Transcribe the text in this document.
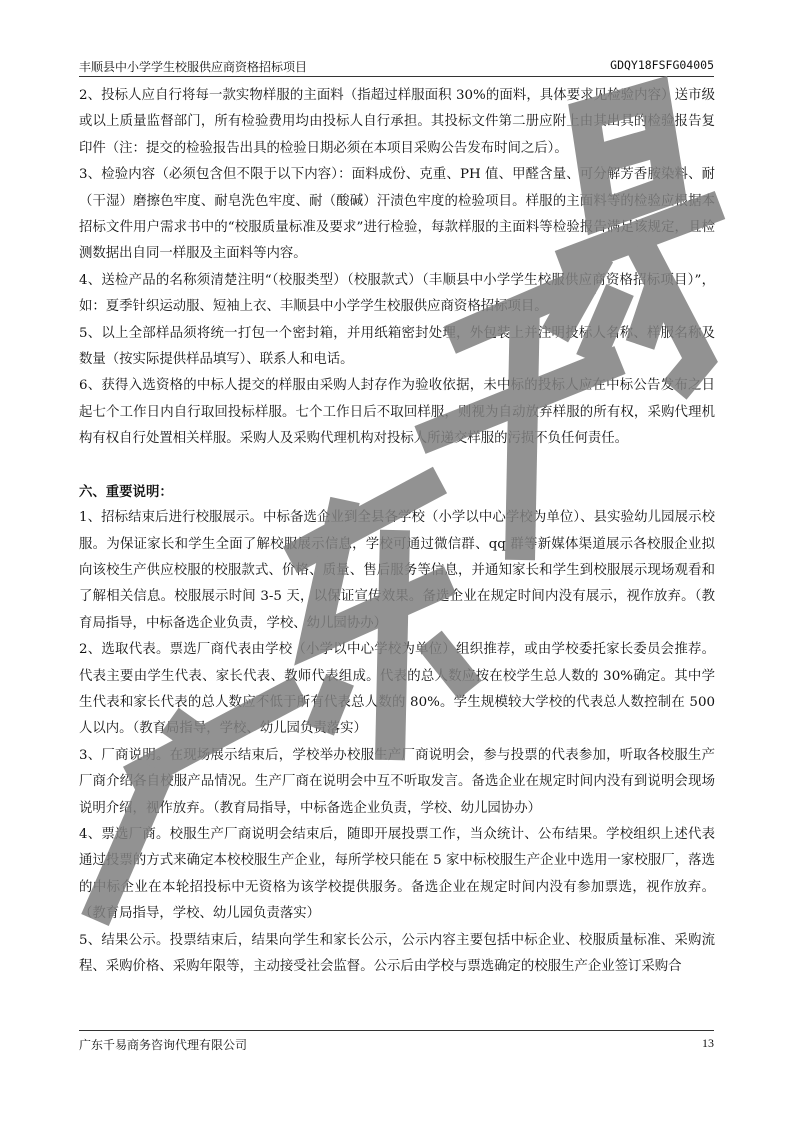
丰顺县中小学学生校服供应商资格招标项目	GDQY18FSFG04005

2、投标人应自行将每一款实物样服的主面料（指超过样服面积 30%的面料，具体要求见检验内容）送市级或以上质量监督部门，所有检验费用均由投标人自行承担。其投标文件第二册应附上由其出具的检验报告复印件（注：提交的检验报告出具的检验日期必须在本项目采购公告发布时间之后）。

3、检验内容（必须包含但不限于以下内容）：面料成份、克重、PH 值、甲醛含量、可分解芳香胺染料、耐（干湿）磨擦色牢度、耐皂洗色牢度、耐（酸碱）汗渍色牢度的检验项目。样服的主面料等的检验应根据本招标文件用户需求书中的“校服质量标准及要求”进行检验，每款样服的主面料等检验报告满足该规定，且检测数据出自同一样服及主面料等内容。

4、送检产品的名称须清楚注明“（校服类型）（校服款式）（丰顺县中小学学生校服供应商资格招标项目）”，如：夏季针织运动服、短袖上衣、丰顺县中小学学生校服供应商资格招标项目。

5、以上全部样品须将统一打包一个密封箱，并用纸箱密封处理，外包装上并注明投标人名称、样服名称及数量（按实际提供样品填写）、联系人和电话。

6、获得入选资格的中标人提交的样服由采购人封存作为验收依据，未中标的投标人应在中标公告发布之日起七个工作日内自行取回投标样服。七个工作日后不取回样服，则视为自动放弃样服的所有权，采购代理机构有权自行处置相关样服。采购人及采购代理机构对投标人所递交样服的污损不负任何责任。

六、重要说明：

1、招标结束后进行校服展示。中标备选企业到全县各学校（小学以中心学校为单位）、县实验幼儿园展示校服。为保证家长和学生全面了解校服展示信息，学校可通过微信群、qq 群等新媒体渠道展示各校服企业拟向该校生产供应校服的校服款式、价格、质量、售后服务等信息，并通知家长和学生到校服展示现场观看和了解相关信息。校服展示时间 3-5 天，以保证宣传效果。备选企业在规定时间内没有展示，视作放弃。（教育局指导，中标备选企业负责，学校、幼儿园协办）

2、选取代表。票选厂商代表由学校（小学以中心学校为单位）组织推荐，或由学校委托家长委员会推荐。代表主要由学生代表、家长代表、教师代表组成。代表的总人数应按在校学生总人数的 30%确定。其中学生代表和家长代表的总人数应不低于所有代表总人数的 80%。学生规模较大学校的代表总人数控制在 500 人以内。（教育局指导，学校、幼儿园负责落实）

3、厂商说明。在现场展示结束后，学校举办校服生产厂商说明会，参与投票的代表参加，听取各校服生产厂商介绍各自校服产品情况。生产厂商在说明会中互不听取发言。备选企业在规定时间内没有到说明会现场说明介绍，视作放弃。（教育局指导，中标备选企业负责，学校、幼儿园协办）

4、票选厂商。校服生产厂商说明会结束后，随即开展投票工作，当众统计、公布结果。学校组织上述代表通过投票的方式来确定本校校服生产企业，每所学校只能在 5 家中标校服生产企业中选用一家校服厂，落选的中标企业在本轮招投标中无资格为该学校提供服务。备选企业在规定时间内没有参加票选，视作放弃。（教育局指导，学校、幼儿园负责落实）

5、结果公示。投票结束后，结果向学生和家长公示，公示内容主要包括中标企业、校服质量标准、采购流程、采购价格、采购年限等，主动接受社会监督。公示后由学校与票选确定的校服生产企业签订采购合

广东千易商务咨询代理有限公司	13
